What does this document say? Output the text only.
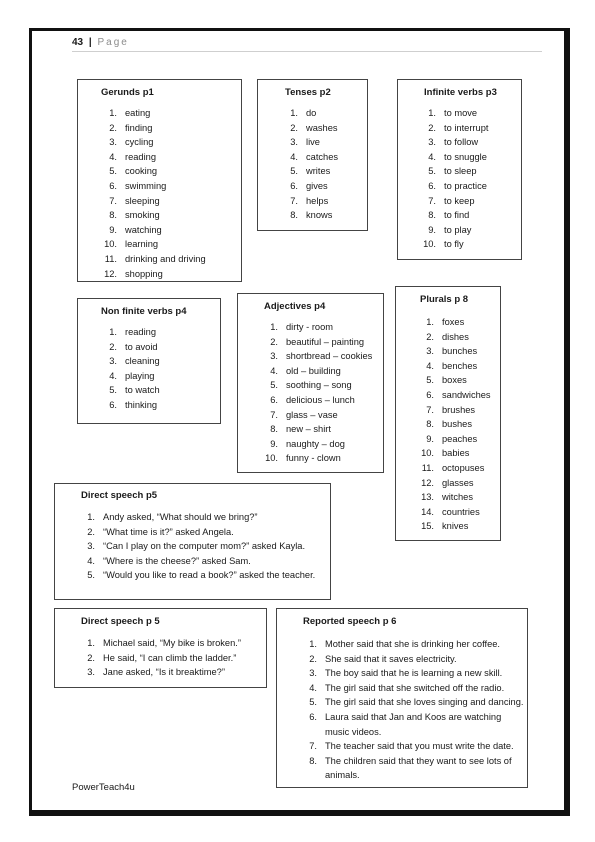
43 | Page
Gerunds p1
1. eating
2. finding
3. cycling
4. reading
5. cooking
6. swimming
7. sleeping
8. smoking
9. watching
10. learning
11. drinking and driving
12. shopping
Tenses p2
1. do
2. washes
3. live
4. catches
5. writes
6. gives
7. helps
8. knows
Infinite verbs p3
1. to move
2. to interrupt
3. to follow
4. to snuggle
5. to sleep
6. to practice
7. to keep
8. to find
9. to play
10. to fly
Non finite verbs p4
1. reading
2. to avoid
3. cleaning
4. playing
5. to watch
6. thinking
Adjectives p4
1. dirty - room
2. beautiful – painting
3. shortbread – cookies
4. old – building
5. soothing – song
6. delicious – lunch
7. glass – vase
8. new – shirt
9. naughty – dog
10. funny - clown
Plurals p 8
1. foxes
2. dishes
3. bunches
4. benches
5. boxes
6. sandwiches
7. brushes
8. bushes
9. peaches
10. babies
11. octopuses
12. glasses
13. witches
14. countries
15. knives
Direct speech p5
1. Andy asked, “What should we bring?”
2. “What time is it?” asked Angela.
3. “Can I play on the computer mom?” asked Kayla.
4. “Where is the cheese?” asked Sam.
5. “Would you like to read a book?” asked the teacher.
Direct speech p 5
1. Michael said, “My bike is broken.”
2. He said, “I can climb the ladder.”
3. Jane asked, “Is it breaktime?”
Reported speech p 6
1. Mother said that she is drinking her coffee.
2. She said that it saves electricity.
3. The boy said that he is learning a new skill.
4. The girl said that she switched off the radio.
5. The girl said that she loves singing and dancing.
6. Laura said that Jan and Koos are watching music videos.
7. The teacher said that you must write the date.
8. The children said that they want to see lots of animals.
PowerTeach4u
